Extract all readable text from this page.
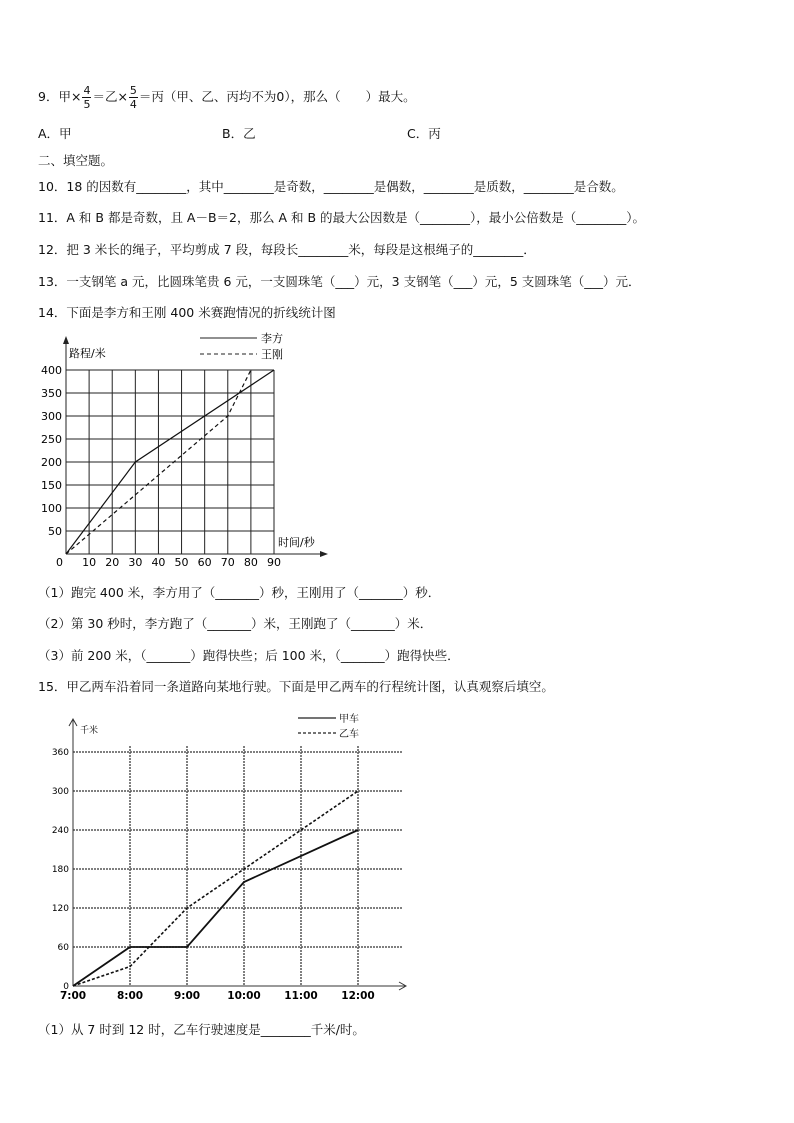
9．甲× $\frac{4}{5}$ ＝乙× $\frac{5}{4}$ ＝丙（甲、乙、丙均不为0），那么（　　）最大。
A．甲	B．乙	C．丙
二、填空题。
10．18 的因数有________，其中________是奇数，________是偶数，________是质数，________是合数。
11．A 和 B 都是奇数，且 A－B＝2，那么 A 和 B 的最大公因数是（________），最小公倍数是（________）。
12．把 3 米长的绳子，平均剪成 7 段，每段长________米，每段是这根绳子的________．
13．一支钢笔 a 元，比圆珠笔贵 6 元，一支圆珠笔（___）元，3 支钢笔（___）元，5 支圆珠笔（___）元．
14．下面是李方和王刚 400 米赛跑情况的折线统计图
路程/米
时间/秒
0 10 20 30 40 50 60 70 80 90
50
100
150
200
250
300
350
400
李方
王刚
千米
0
60
120
180
240
300
360
7:00	8:00	9:00	10:00 11:00 12:00
甲车
乙车
（1）跑完 400 米，李方用了（_______）秒，王刚用了（_______）秒．
（2）第 30 秒时，李方跑了（_______）米，王刚跑了（_______）米．
（3）前 200 米，（_______）跑得快些；后 100 米，（_______）跑得快些．
15．甲乙两车沿着同一条道路向某地行驶。下面是甲乙两车的行程统计图，认真观察后填空。
（1）从 7 时到 12 时，乙车行驶速度是________千米/时。
